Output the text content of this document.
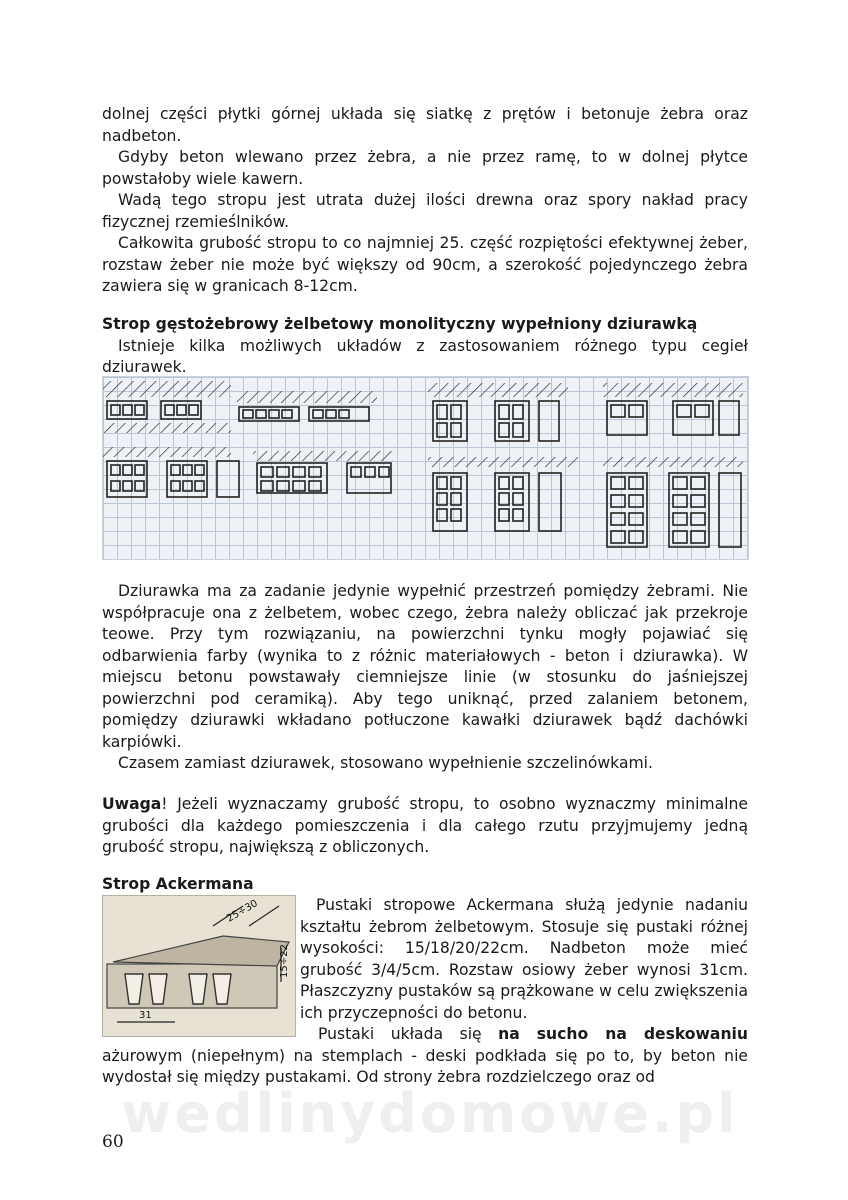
dolnej części płytki górnej układa się siatkę z prętów i betonuje żebra oraz nadbeton.

Gdyby beton wlewano przez żebra, a nie przez ramę, to w dolnej płytce powstałoby wiele kawern.

Wadą tego stropu jest utrata dużej ilości drewna oraz spory nakład pracy fizycznej rzemieślników.

Całkowita grubość stropu to co najmniej 25. część rozpiętości efektywnej żeber, rozstaw żeber nie może być większy od 90cm, a szerokość pojedynczego żebra zawiera się w granicach 8-12cm.

Strop gęstożebrowy żelbetowy monolityczny wypełniony dziurawką

Istnieje kilka możliwych układów z zastosowaniem różnego typu cegieł dziurawek.

Dziurawka ma za zadanie jedynie wypełnić przestrzeń pomiędzy żebrami. Nie współpracuje ona z żelbetem, wobec czego, żebra należy obliczać jak przekroje teowe. Przy tym rozwiązaniu, na powierzchni tynku mogły pojawiać się odbarwienia farby (wynika to z różnic materiałowych - beton i dziurawka). W miejscu betonu powstawały ciemniejsze linie (w stosunku do jaśniejszej powierzchni pod ceramiką). Aby tego uniknąć, przed zalaniem betonem, pomiędzy dziurawki wkładano potłuczone kawałki dziurawek bądź dachówki karpiówki.

Czasem zamiast dziurawek, stosowano wypełnienie szczelinówkami.

Uwaga! Jeżeli wyznaczamy grubość stropu, to osobno wyznaczmy minimalne grubości dla każdego pomieszczenia i dla całego rzutu przyjmujemy jedną grubość stropu, największą z obliczonych.

Strop Ackermana

25÷30
15÷22
31

Pustaki stropowe Ackermana służą jedynie nadaniu kształtu żebrom żelbetowym. Stosuje się pustaki różnej wysokości: 15/18/20/22cm. Nadbeton może mieć grubość 3/4/5cm. Rozstaw osiowy żeber wynosi 31cm. Płaszczyzny pustaków są prążkowane w celu zwiększenia ich przyczepności do betonu.

Pustaki układa się na sucho na deskowaniu ażurowym (niepełnym) na stemplach - deski podkłada się po to, by beton nie wydostał się między pustakami. Od strony żebra rozdzielczego oraz od

wedlinydomowe.pl
60
